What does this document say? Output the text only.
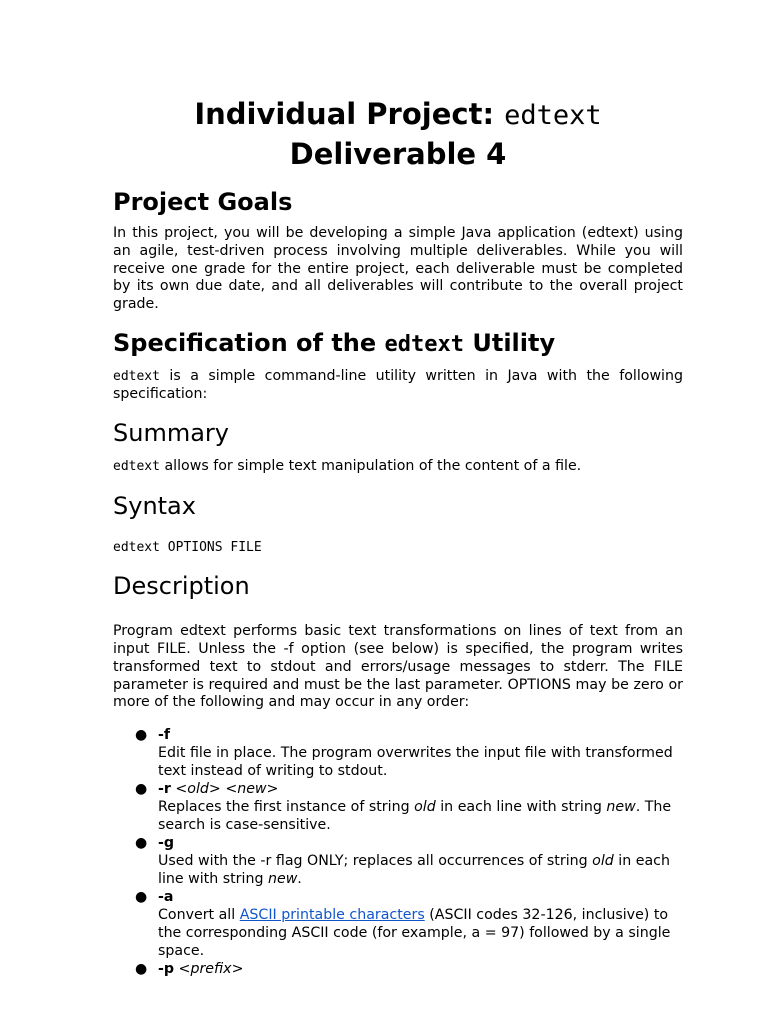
Individual Project: edtext
Deliverable 4
Project Goals

In this project, you will be developing a simple Java application (edtext) using an agile, test-driven process involving multiple deliverables. While you will receive one grade for the entire project, each deliverable must be completed by its own due date, and all deliverables will contribute to the overall project grade.

Specification of the edtext Utility

edtext is a simple command-line utility written in Java with the following specification:

Summary

edtext allows for simple text manipulation of the content of a file.

Syntax

edtext OPTIONS FILE

Description

Program edtext performs basic text transformations on lines of text from an input FILE. Unless the -f option (see below) is specified, the program writes transformed text to stdout and errors/usage messages to stderr. The FILE parameter is required and must be the last parameter. OPTIONS may be zero or more of the following and may occur in any order:

● -f
Edit file in place. The program overwrites the input file with transformed text instead of writing to stdout.
● -r <old> <new>
Replaces the first instance of string old in each line with string new. The search is case-sensitive.
● -g
Used with the -r flag ONLY; replaces all occurrences of string old in each line with string new.
● -a
Convert all ASCII printable characters (ASCII codes 32-126, inclusive) to the corresponding ASCII code (for example, a = 97) followed by a single space.
● -p <prefix>
